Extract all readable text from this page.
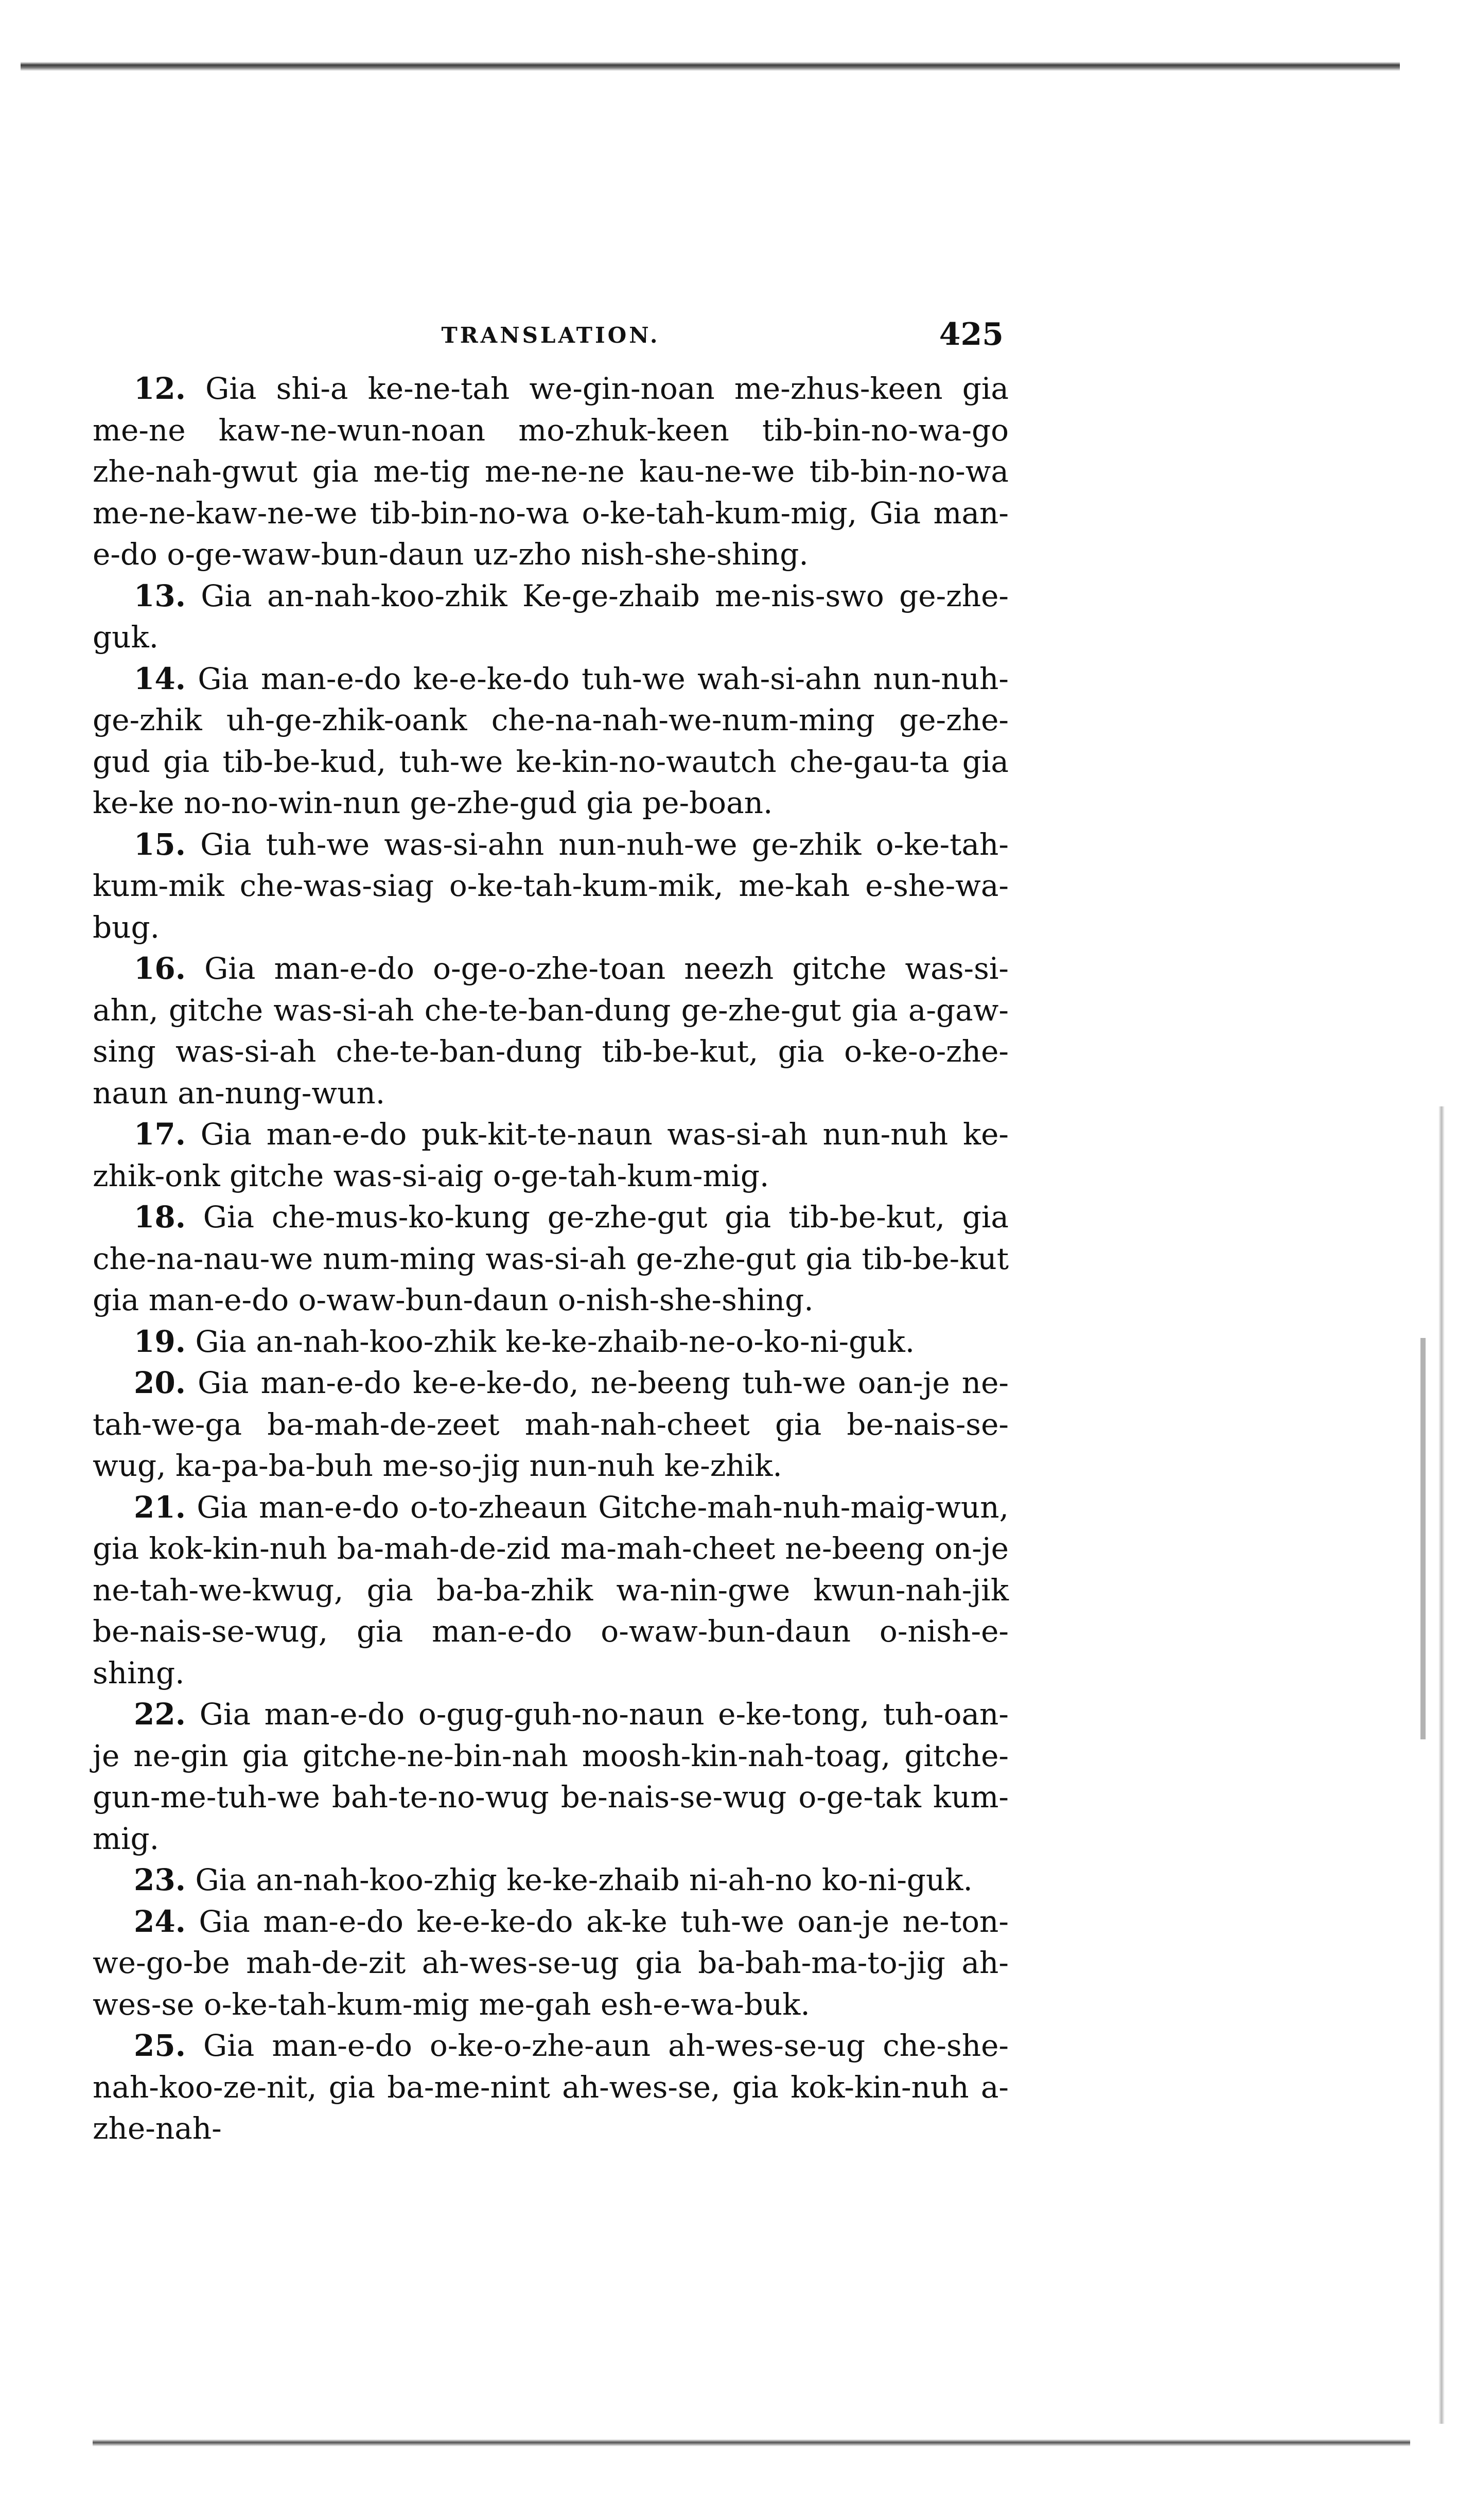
TRANSLATION.	425

12. Gia shi-a ke-ne-tah we-gin-noan me-zhus-keen gia me-ne kaw-ne-wun-noan mo-zhuk-keen tib-bin-no-wa-go zhe-nah-gwut gia me-tig me-ne-ne kau-ne-we tib-bin-no-wa me-ne-kaw-ne-we tib-bin-no-wa o-ke-tah-kum-mig, Gia man-e-do o-ge-waw-bun-daun uz-zho nish-she-shing.

13. Gia an-nah-koo-zhik Ke-ge-zhaib me-nis-swo ge-zhe-guk.

14. Gia man-e-do ke-e-ke-do tuh-we wah-si-ahn nun-nuh-ge-zhik uh-ge-zhik-oank che-na-nah-we-num-ming ge-zhe-gud gia tib-be-kud, tuh-we ke-kin-no-wautch che-gau-ta gia ke-ke no-no-win-nun ge-zhe-gud gia pe-boan.

15. Gia tuh-we was-si-ahn nun-nuh-we ge-zhik o-ke-tah-kum-mik che-was-siag o-ke-tah-kum-mik, me-kah e-she-wa-bug.

16. Gia man-e-do o-ge-o-zhe-toan neezh gitche was-si-ahn, gitche was-si-ah che-te-ban-dung ge-zhe-gut gia a-gaw-sing was-si-ah che-te-ban-dung tib-be-kut, gia o-ke-o-zhe-naun an-nung-wun.

17. Gia man-e-do puk-kit-te-naun was-si-ah nun-nuh ke-zhik-onk gitche was-si-aig o-ge-tah-kum-mig.

18. Gia che-mus-ko-kung ge-zhe-gut gia tib-be-kut, gia che-na-nau-we num-ming was-si-ah ge-zhe-gut gia tib-be-kut gia man-e-do o-waw-bun-daun o-nish-she-shing.

19. Gia an-nah-koo-zhik ke-ke-zhaib-ne-o-ko-ni-guk.

20. Gia man-e-do ke-e-ke-do, ne-beeng tuh-we oan-je ne-tah-we-ga ba-mah-de-zeet mah-nah-cheet gia be-nais-se-wug, ka-pa-ba-buh me-so-jig nun-nuh ke-zhik.

21. Gia man-e-do o-to-zheaun Gitche-mah-nuh-maig-wun, gia kok-kin-nuh ba-mah-de-zid ma-mah-cheet ne-beeng on-je ne-tah-we-kwug, gia ba-ba-zhik wa-nin-gwe kwun-nah-jik be-nais-se-wug, gia man-e-do o-waw-bun-daun o-nish-e-shing.

22. Gia man-e-do o-gug-guh-no-naun e-ke-tong, tuh-oan-je ne-gin gia gitche-ne-bin-nah moosh-kin-nah-toag, gitche-gun-me-tuh-we bah-te-no-wug be-nais-se-wug o-ge-tak kum-mig.

23. Gia an-nah-koo-zhig ke-ke-zhaib ni-ah-no ko-ni-guk.

24. Gia man-e-do ke-e-ke-do ak-ke tuh-we oan-je ne-ton-we-go-be mah-de-zit ah-wes-se-ug gia ba-bah-ma-to-jig ah-wes-se o-ke-tah-kum-mig me-gah esh-e-wa-buk.

25. Gia man-e-do o-ke-o-zhe-aun ah-wes-se-ug che-she-nah-koo-ze-nit, gia ba-me-nint ah-wes-se, gia kok-kin-nuh a-zhe-nah-
